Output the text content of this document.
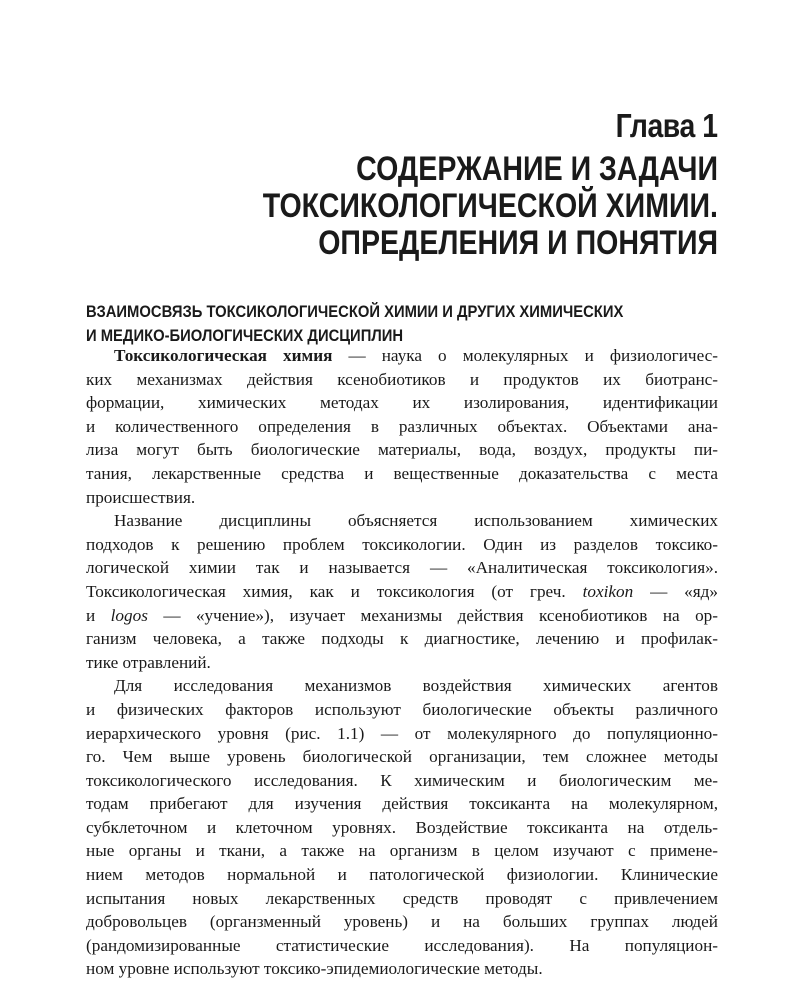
Глава 1
СОДЕРЖАНИЕ И ЗАДАЧИ
ТОКСИКОЛОГИЧЕСКОЙ ХИМИИ.
ОПРЕДЕЛЕНИЯ И ПОНЯТИЯ
ВЗАИМОСВЯЗЬ ТОКСИКОЛОГИЧЕСКОЙ ХИМИИ И ДРУГИХ ХИМИЧЕСКИХ
И МЕДИКО-БИОЛОГИЧЕСКИХ ДИСЦИПЛИН
Токсикологическая химия — наука о молекулярных и физиологичес-
ких механизмах действия ксенобиотиков и продуктов их биотранс-
формации, химических методах их изолирования, идентификации
и количественного определения в различных объектах. Объектами ана-
лиза могут быть биологические материалы, вода, воздух, продукты пи-
тания, лекарственные средства и вещественные доказательства с места
происшествия.
Название дисциплины объясняется использованием химических
подходов к решению проблем токсикологии. Один из разделов токсико-
логической химии так и называется — «Аналитическая токсикология».
Токсикологическая химия, как и токсикология (от греч. toxikon — «яд»
и logos — «учение»), изучает механизмы действия ксенобиотиков на ор-
ганизм человека, а также подходы к диагностике, лечению и профилак-
тике отравлений.
Для исследования механизмов воздействия химических агентов
и физических факторов используют биологические объекты различного
иерархического уровня (рис. 1.1) — от молекулярного до популяционно-
го. Чем выше уровень биологической организации, тем сложнее методы
токсикологического исследования. К химическим и биологическим ме-
тодам прибегают для изучения действия токсиканта на молекулярном,
субклеточном и клеточном уровнях. Воздействие токсиканта на отдель-
ные органы и ткани, а также на организм в целом изучают с примене-
нием методов нормальной и патологической физиологии. Клинические
испытания новых лекарственных средств проводят с привлечением
добровольцев (органзменный уровень) и на больших группах людей
(рандомизированные статистические исследования). На популяцион-
ном уровне используют токсико-эпидемиологические методы.
